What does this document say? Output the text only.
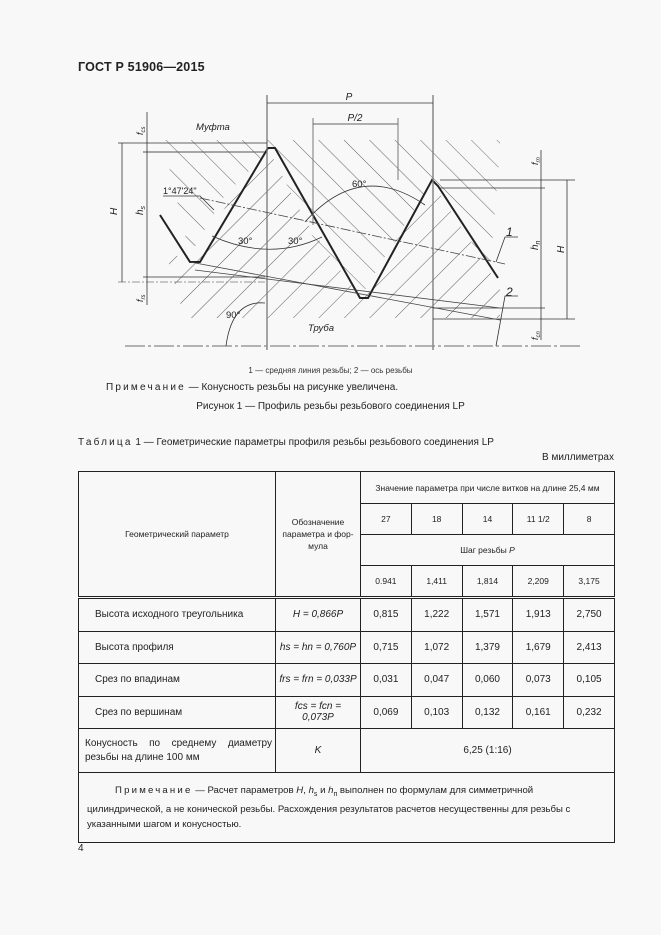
ГОСТ Р 51906—2015
P
P/2
Муфта
Труба
60°
30°	30°
90°
1°47'24"
1
2
H $h_s$
$f_{cs}$
$f_{rs}$
$h_n$
H
$f_{rn}$
$f_{cn}$
1 — средняя линия резьбы; 2 — ось резьбы
Примечание — Конусность резьбы на рисунке увеличена.
Рисунок 1 — Профиль резьбы резьбового соединения LP
Таблица 1 — Геометрические параметры профиля резьбы резьбового соединения LP
В миллиметрах
Геометрический параметр	Обозначение параметра и фор-мула	Значение параметра при числе витков на длине 25,4 мм				
		27	18	14	11 1/2	8
		Шаг резьбы P				
		0.941	1,411	1,814	2,209	3,175
Высота исходного треугольника	H = 0,866P	0,815	1,222	1,571	1,913	2,750
Высота профиля	hs = hn = 0,760P	0,715	1,072	1,379	1,679	2,413
Срез по впадинам	frs = frn = 0,033P	0,031	0,047	0,060	0,073	0,105
Срез по вершинам	fcs = fcn = 0,073P	0,069	0,103	0,132	0,161	0,232
Конусность по среднему диаметру резьбы на длине 100 мм	K	6,25 (1:16)				
Примечание — Расчет параметров H, $h_s$ и $h_п$ выполнен по формулам для симметричной цилиндрической, а не конической резьбы. Расхождения результатов расчетов несущественны для резьбы с указанными шагом и конусностью.						
4
